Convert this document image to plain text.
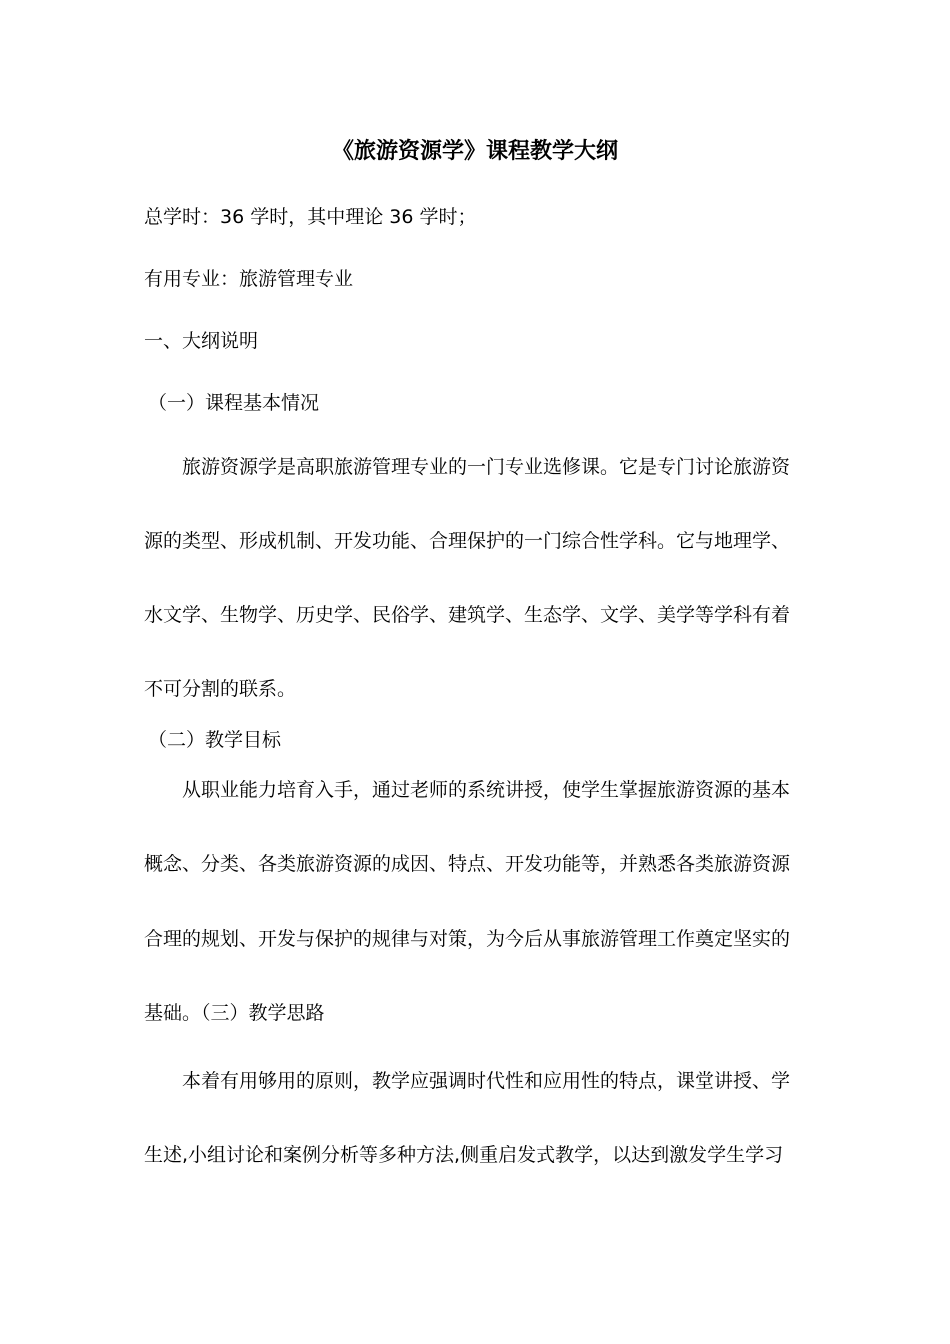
《旅游资源学》课程教学大纲

总学时：36 学时，其中理论 36 学时；

有用专业：旅游管理专业

一、大纲说明

（一）课程基本情况

旅游资源学是高职旅游管理专业的一门专业选修课。它是专门讨论旅游资

源的类型、形成机制、开发功能、合理保护的一门综合性学科。它与地理学、

水文学、生物学、历史学、民俗学、建筑学、生态学、文学、美学等学科有着

不可分割的联系。

（二）教学目标

从职业能力培育入手，通过老师的系统讲授，使学生掌握旅游资源的基本

概念、分类、各类旅游资源的成因、特点、开发功能等，并熟悉各类旅游资源

合理的规划、开发与保护的规律与对策，为今后从事旅游管理工作奠定坚实的

基础。（三）教学思路

本着有用够用的原则，教学应强调时代性和应用性的特点，课堂讲授、学

生述,小组讨论和案例分析等多种方法,侧重启发式教学，以达到激发学生学习
